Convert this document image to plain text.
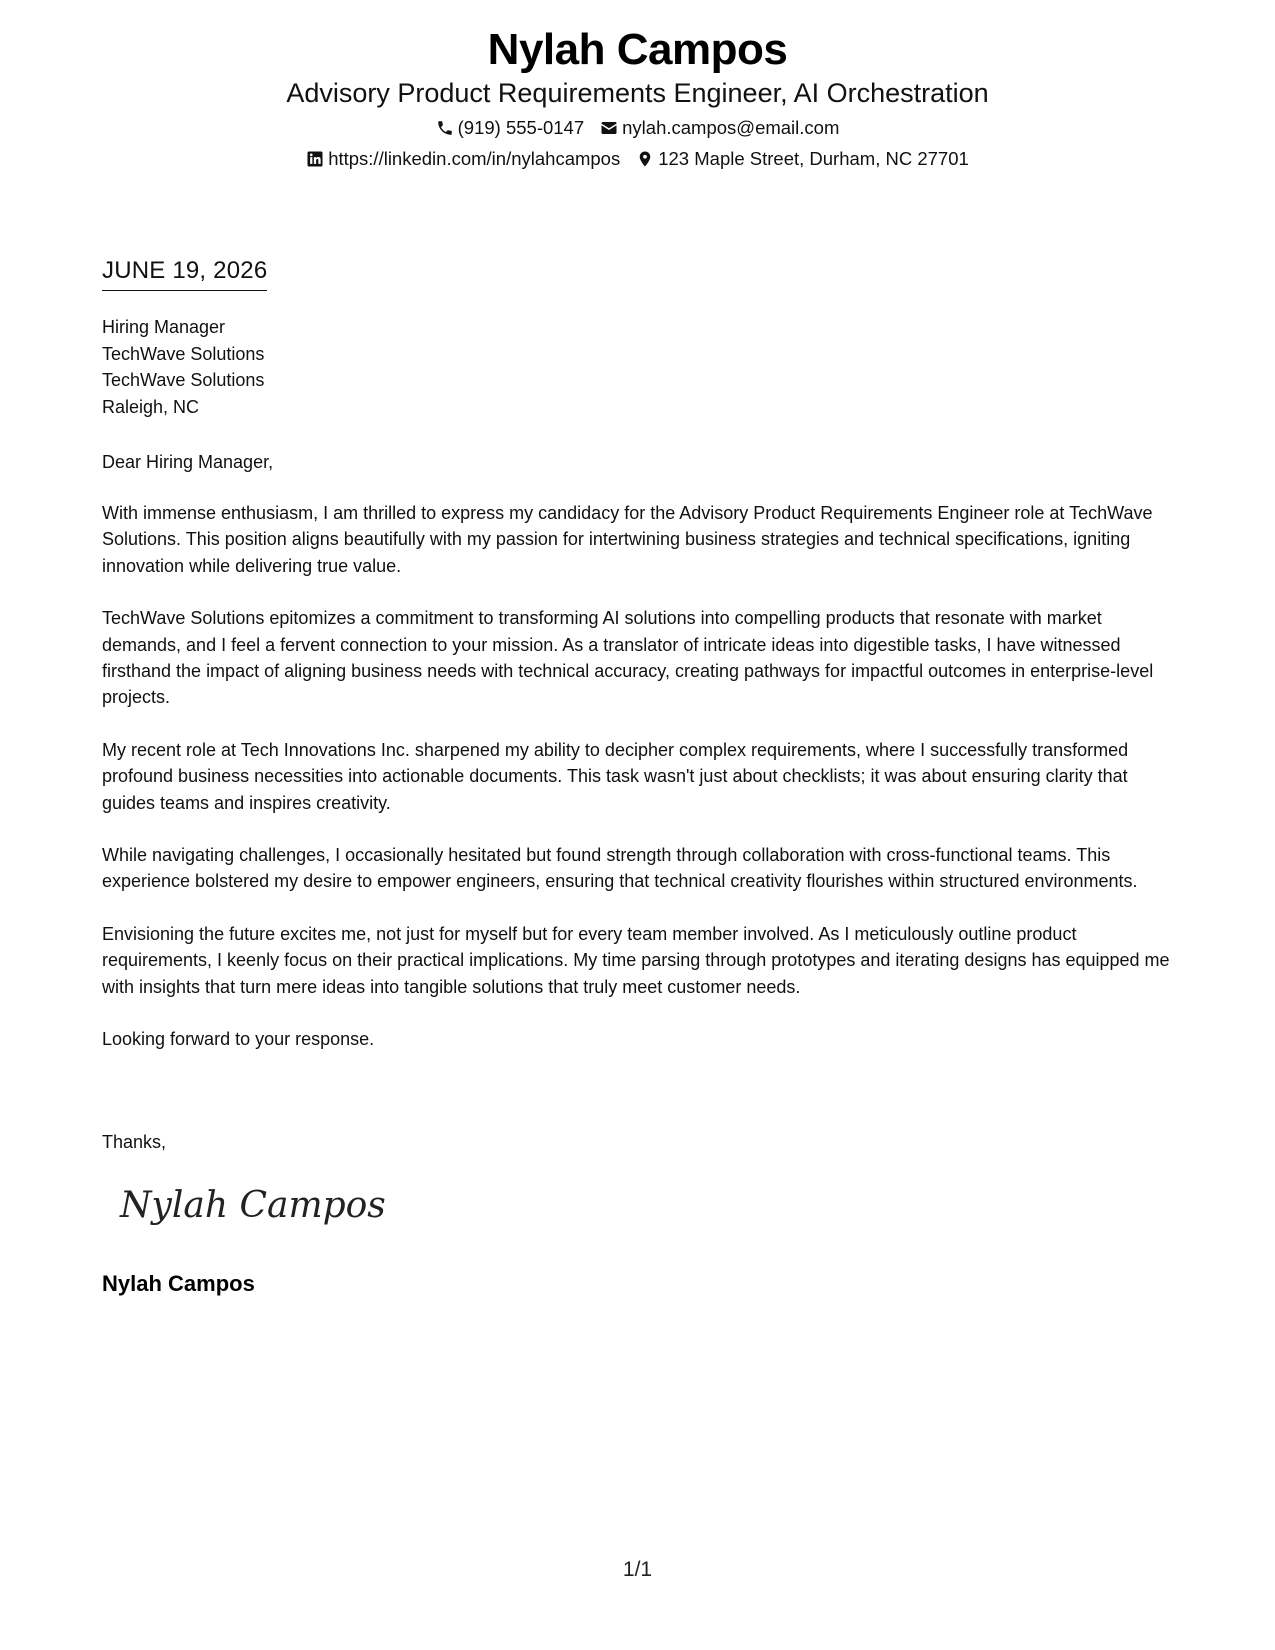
Nylah Campos
Advisory Product Requirements Engineer, AI Orchestration
(919) 555-0147 nylah.campos@email.com
https://linkedin.com/in/nylahcampos 123 Maple Street, Durham, NC 27701
JUNE 19, 2026
Hiring Manager
TechWave Solutions
TechWave Solutions
Raleigh, NC
Dear Hiring Manager,

With immense enthusiasm, I am thrilled to express my candidacy for the Advisory Product Requirements Engineer role at TechWave Solutions. This position aligns beautifully with my passion for intertwining business strategies and technical specifications, igniting innovation while delivering true value.

TechWave Solutions epitomizes a commitment to transforming AI solutions into compelling products that resonate with market demands, and I feel a fervent connection to your mission. As a translator of intricate ideas into digestible tasks, I have witnessed firsthand the impact of aligning business needs with technical accuracy, creating pathways for impactful outcomes in enterprise-level projects.

My recent role at Tech Innovations Inc. sharpened my ability to decipher complex requirements, where I successfully transformed profound business necessities into actionable documents. This task wasn't just about checklists; it was about ensuring clarity that guides teams and inspires creativity.

While navigating challenges, I occasionally hesitated but found strength through collaboration with cross-functional teams. This experience bolstered my desire to empower engineers, ensuring that technical creativity flourishes within structured environments.

Envisioning the future excites me, not just for myself but for every team member involved. As I meticulously outline product requirements, I keenly focus on their practical implications. My time parsing through prototypes and iterating designs has equipped me with insights that turn mere ideas into tangible solutions that truly meet customer needs.

Looking forward to your response.

Thanks,
Nylah Campos
Nylah Campos
1/1
